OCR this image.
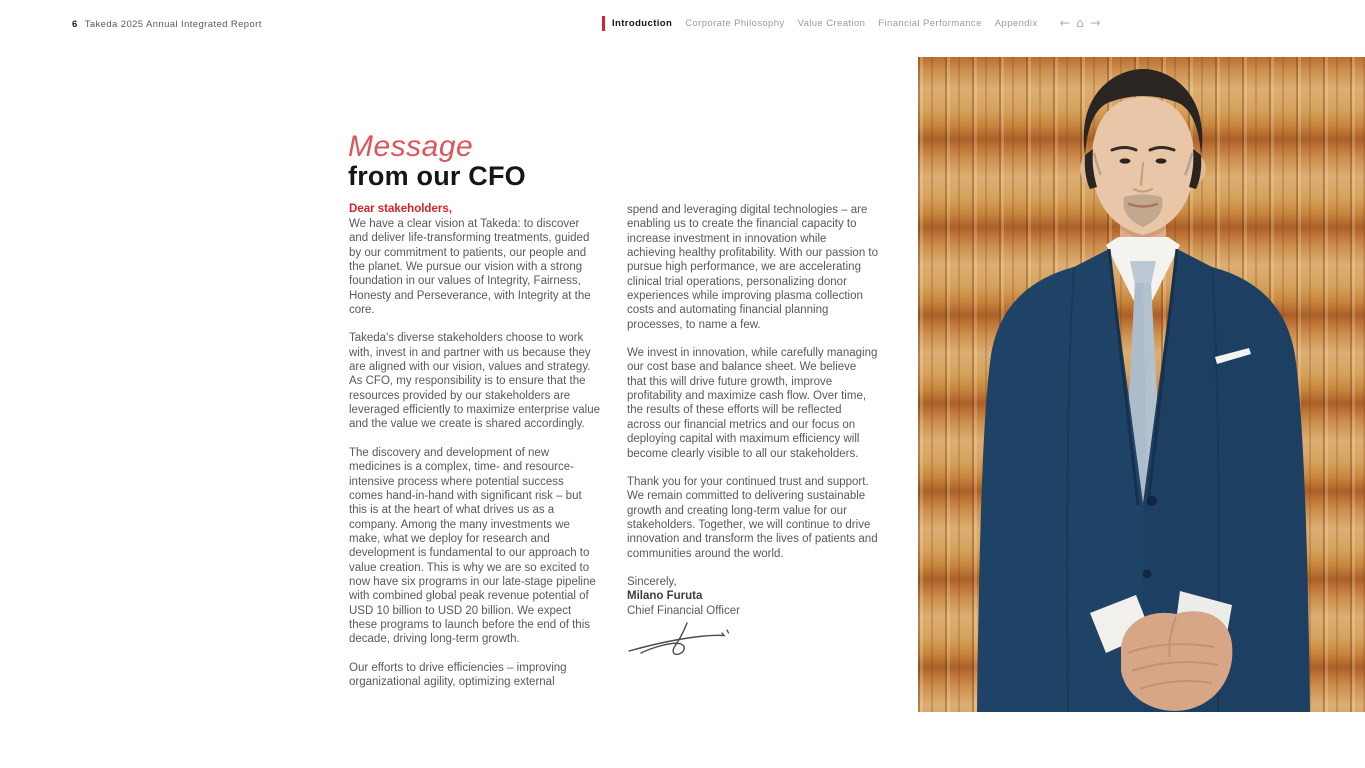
6 Takeda 2025 Annual Integrated Report	Introduction Corporate Philosophy Value Creation Financial Performance Appendix ← ⌂ →
Message
from our CFO
Dear stakeholders,

We have a clear vision at Takeda: to discover and deliver life-transforming treatments, guided by our commitment to patients, our people and the planet. We pursue our vision with a strong foundation in our values of Integrity, Fairness, Honesty and Perseverance, with Integrity at the core.

Takeda's diverse stakeholders choose to work with, invest in and partner with us because they are aligned with our vision, values and strategy. As CFO, my responsibility is to ensure that the resources provided by our stakeholders are leveraged efficiently to maximize enterprise value and the value we create is shared accordingly.

The discovery and development of new medicines is a complex, time- and resource-intensive process where potential success comes hand-in-hand with significant risk – but this is at the heart of what drives us as a company. Among the many investments we make, what we deploy for research and development is fundamental to our approach to value creation. This is why we are so excited to now have six programs in our late-stage pipeline with combined global peak revenue potential of USD 10 billion to USD 20 billion. We expect these programs to launch before the end of this decade, driving long-term growth.

Our efforts to drive efficiencies – improving organizational agility, optimizing external

spend and leveraging digital technologies – are enabling us to create the financial capacity to increase investment in innovation while achieving healthy profitability. With our passion to pursue high performance, we are accelerating clinical trial operations, personalizing donor experiences while improving plasma collection costs and automating financial planning processes, to name a few.

We invest in innovation, while carefully managing our cost base and balance sheet. We believe that this will drive future growth, improve profitability and maximize cash flow. Over time, the results of these efforts will be reflected across our financial metrics and our focus on deploying capital with maximum efficiency will become clearly visible to all our stakeholders.

Thank you for your continued trust and support. We remain committed to delivering sustainable growth and creating long-term value for our stakeholders. Together, we will continue to drive innovation and transform the lives of patients and communities around the world.

Sincerely,
Milano Furuta
Chief Financial Officer
